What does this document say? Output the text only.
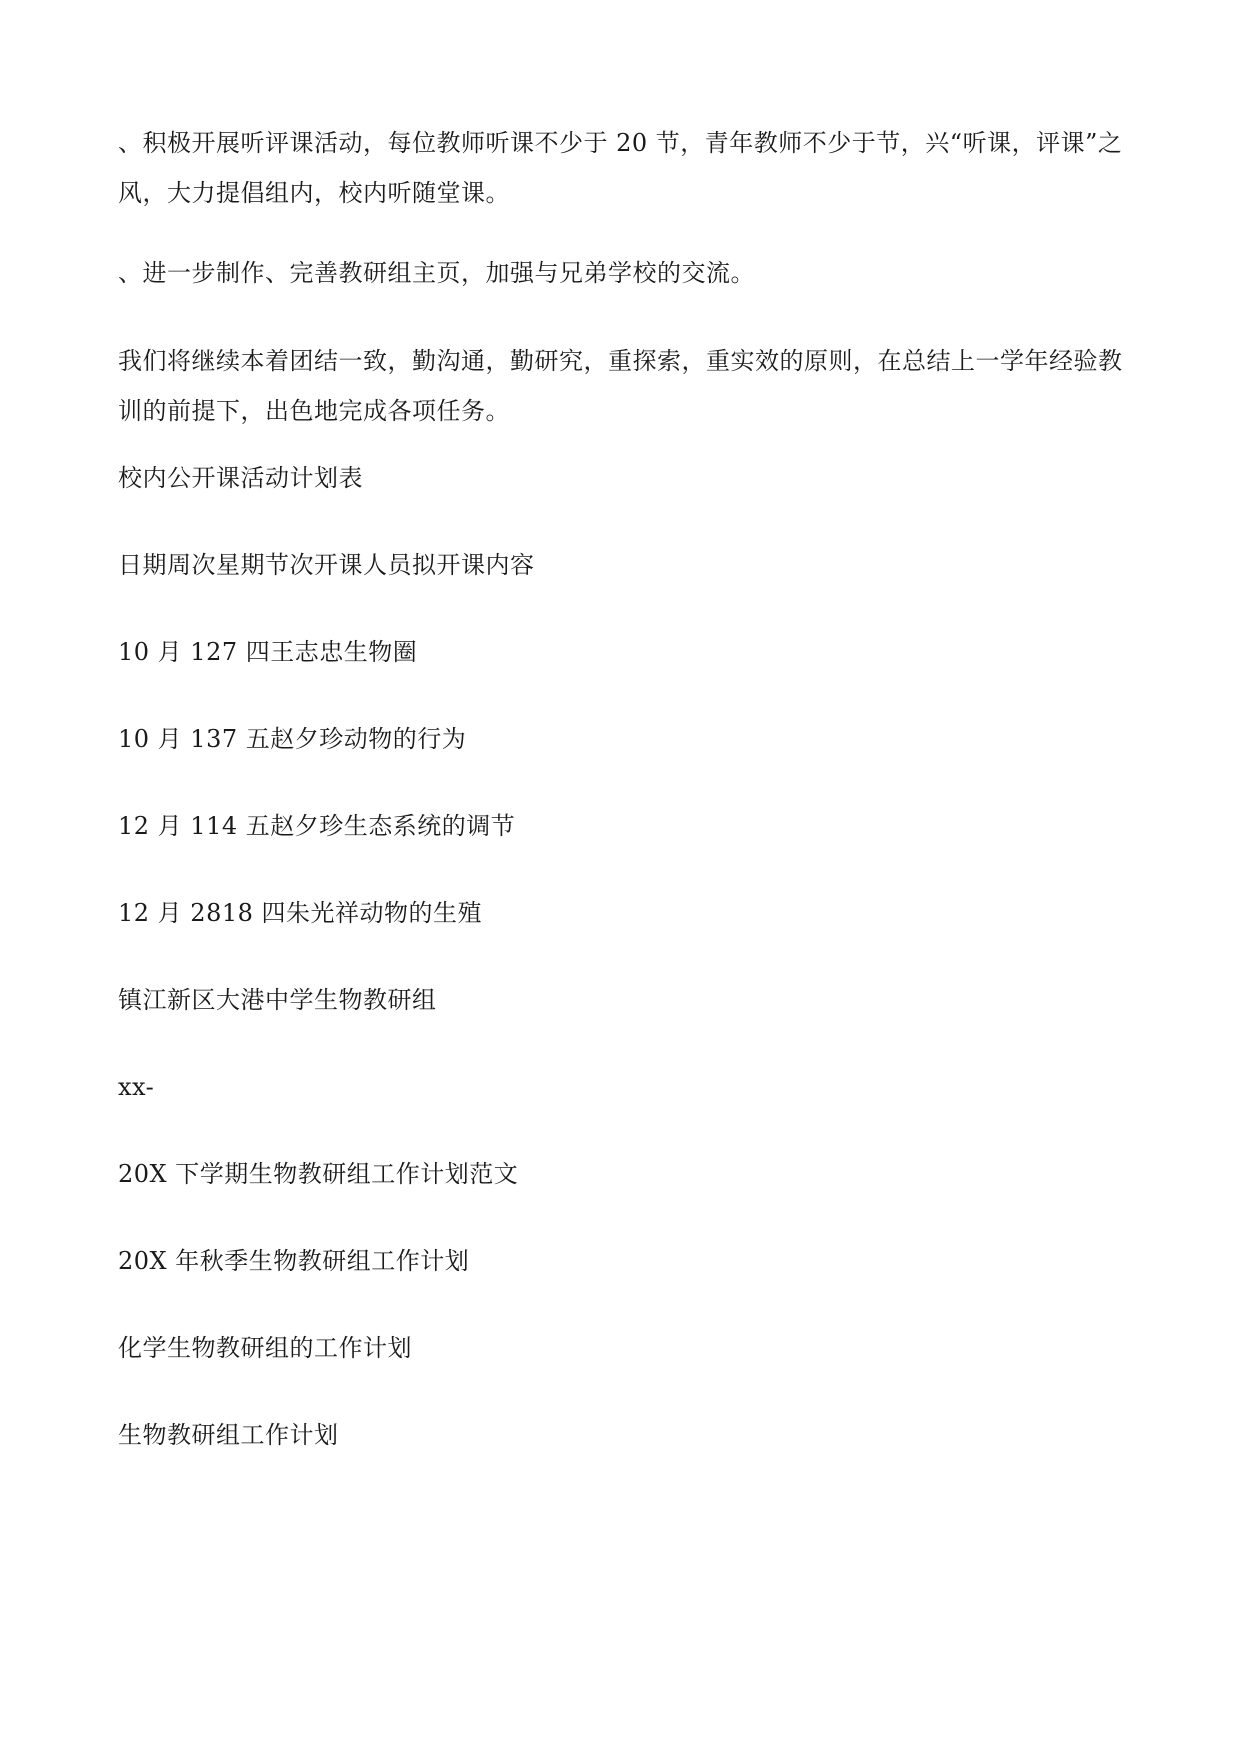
、积极开展听评课活动，每位教师听课不少于 20 节，青年教师不少于节，兴“听课，评课”之风，大力提倡组内，校内听随堂课。

、进一步制作、完善教研组主页，加强与兄弟学校的交流。

我们将继续本着团结一致，勤沟通，勤研究，重探索，重实效的原则，在总结上一学年经验教训的前提下，出色地完成各项任务。

校内公开课活动计划表

日期周次星期节次开课人员拟开课内容

10 月 127 四王志忠生物圈

10 月 137 五赵夕珍动物的行为

12 月 114 五赵夕珍生态系统的调节

12 月 2818 四朱光祥动物的生殖

镇江新区大港中学生物教研组

xx-

20X 下学期生物教研组工作计划范文

20X 年秋季生物教研组工作计划

化学生物教研组的工作计划

生物教研组工作计划
